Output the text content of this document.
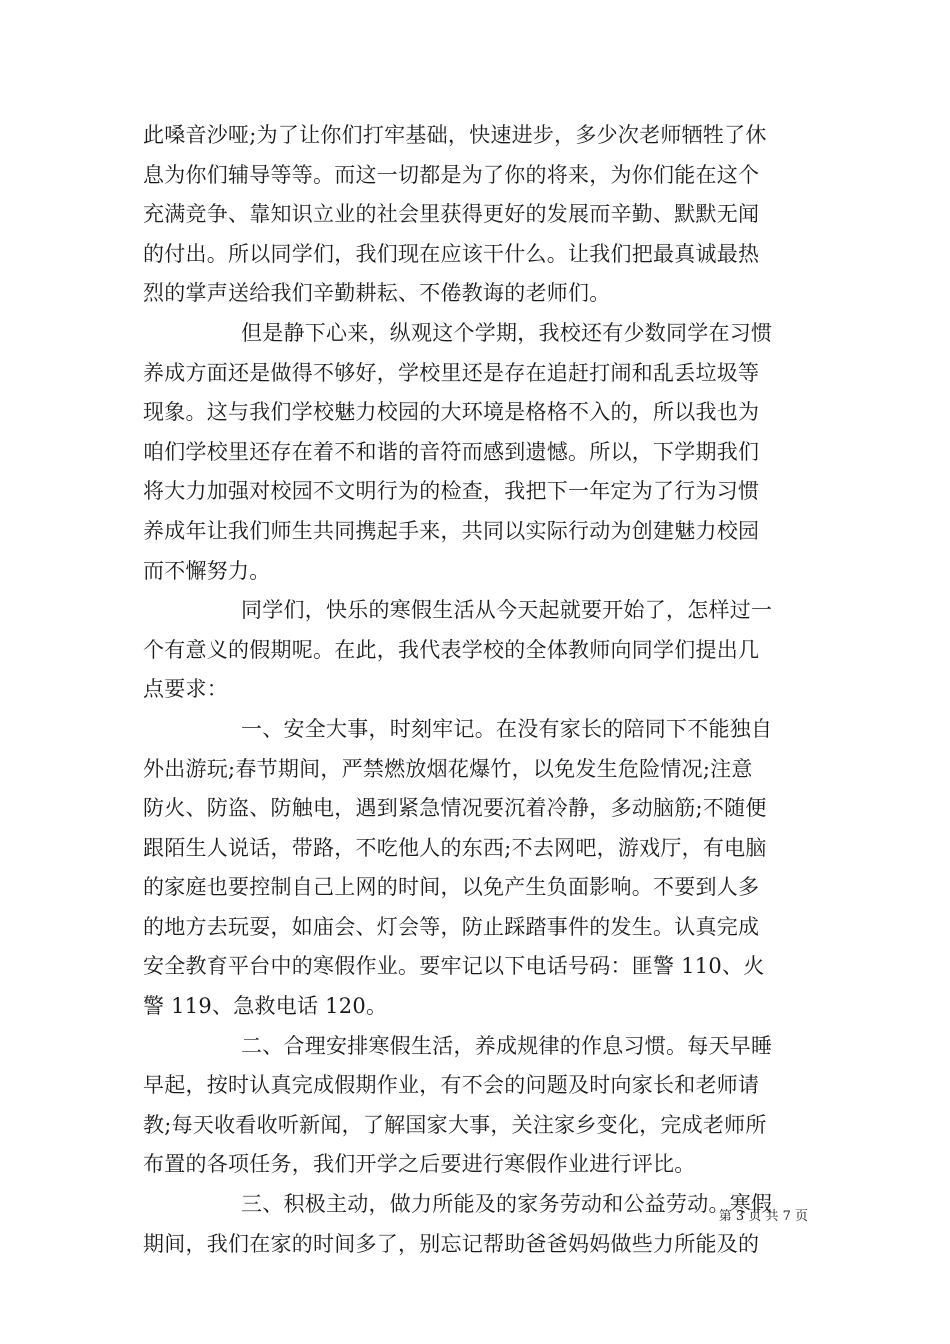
此嗓音沙哑;为了让你们打牢基础，快速进步，多少次老师牺牲了休
息为你们辅导等等。而这一切都是为了你的将来，为你们能在这个
充满竞争、靠知识立业的社会里获得更好的发展而辛勤、默默无闻
的付出。所以同学们，我们现在应该干什么。让我们把最真诚最热
烈的掌声送给我们辛勤耕耘、不倦教诲的老师们。
但是静下心来，纵观这个学期，我校还有少数同学在习惯
养成方面还是做得不够好，学校里还是存在追赶打闹和乱丢垃圾等
现象。这与我们学校魅力校园的大环境是格格不入的，所以我也为
咱们学校里还存在着不和谐的音符而感到遗憾。所以，下学期我们
将大力加强对校园不文明行为的检查，我把下一年定为了行为习惯
养成年让我们师生共同携起手来，共同以实际行动为创建魅力校园
而不懈努力。
同学们，快乐的寒假生活从今天起就要开始了，怎样过一
个有意义的假期呢。在此，我代表学校的全体教师向同学们提出几
点要求：
一、安全大事，时刻牢记。在没有家长的陪同下不能独自
外出游玩;春节期间，严禁燃放烟花爆竹，以免发生危险情况;注意
防火、防盗、防触电，遇到紧急情况要沉着冷静，多动脑筋;不随便
跟陌生人说话，带路，不吃他人的东西;不去网吧，游戏厅，有电脑
的家庭也要控制自己上网的时间，以免产生负面影响。不要到人多
的地方去玩耍，如庙会、灯会等，防止踩踏事件的发生。认真完成
安全教育平台中的寒假作业。要牢记以下电话号码：匪警 110、火
警 119、急救电话 120。
二、合理安排寒假生活，养成规律的作息习惯。每天早睡
早起，按时认真完成假期作业，有不会的问题及时向家长和老师请
教;每天收看收听新闻，了解国家大事，关注家乡变化，完成老师所
布置的各项任务，我们开学之后要进行寒假作业进行评比。
三、积极主动，做力所能及的家务劳动和公益劳动。寒假
期间，我们在家的时间多了，别忘记帮助爸爸妈妈做些力所能及的
第 3 页 共 7 页
